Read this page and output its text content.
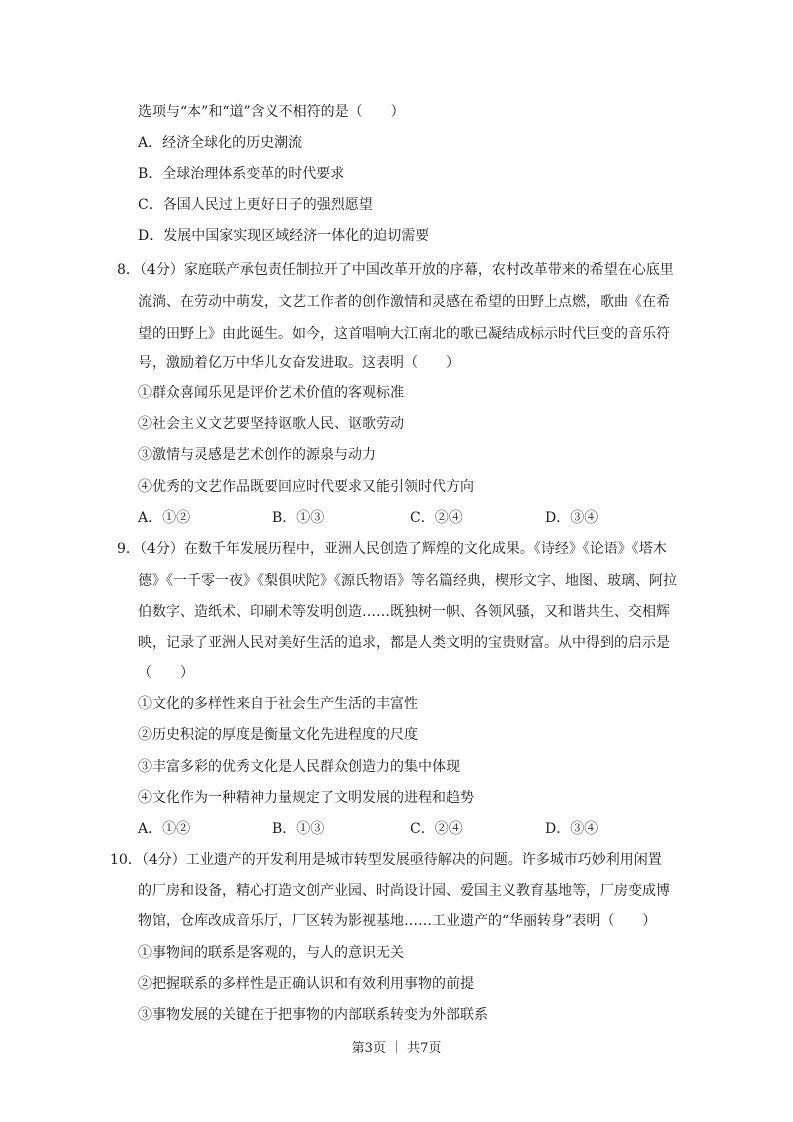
选项与“本”和“道”含义不相符的是（　　）
A．经济全球化的历史潮流
B．全球治理体系变革的时代要求
C．各国人民过上更好日子的强烈愿望
D．发展中国家实现区域经济一体化的迫切需要
8．（4分）家庭联产承包责任制拉开了中国改革开放的序幕，农村改革带来的希望在心底里
流淌、在劳动中萌发，文艺工作者的创作激情和灵感在希望的田野上点燃，歌曲《在希
望的田野上》由此诞生。如今，这首唱响大江南北的歌已凝结成标示时代巨变的音乐符
号，激励着亿万中华儿女奋发进取。这表明（　　）
①群众喜闻乐见是评价艺术价值的客观标准
②社会主义文艺要坚持讴歌人民、讴歌劳动
③激情与灵感是艺术创作的源泉与动力
④优秀的文艺作品既要回应时代要求又能引领时代方向
A．①②	B．①③	C．②④	D．③④
9．（4分）在数千年发展历程中，亚洲人民创造了辉煌的文化成果。《诗经》《论语》《塔木
德》《一千零一夜》《梨俱吠陀》《源氏物语》等名篇经典，楔形文字、地图、玻璃、阿拉
伯数字、造纸术、印刷术等发明创造……既独树一帜、各领风骚，又和谐共生、交相辉
映，记录了亚洲人民对美好生活的追求，都是人类文明的宝贵财富。从中得到的启示是
（　　）
①文化的多样性来自于社会生产生活的丰富性
②历史积淀的厚度是衡量文化先进程度的尺度
③丰富多彩的优秀文化是人民群众创造力的集中体现
④文化作为一种精神力量规定了文明发展的进程和趋势
A．①②	B．①③	C．②④	D．③④
10．（4分）工业遗产的开发利用是城市转型发展亟待解决的问题。许多城市巧妙利用闲置
的厂房和设备，精心打造文创产业园、时尚设计园、爱国主义教育基地等，厂房变成博
物馆，仓库改成音乐厅，厂区转为影视基地……工业遗产的“华丽转身”表明（　　）
①事物间的联系是客观的，与人的意识无关
②把握联系的多样性是正确认识和有效利用事物的前提
③事物发展的关键在于把事物的内部联系转变为外部联系
第3页 ｜ 共7页
